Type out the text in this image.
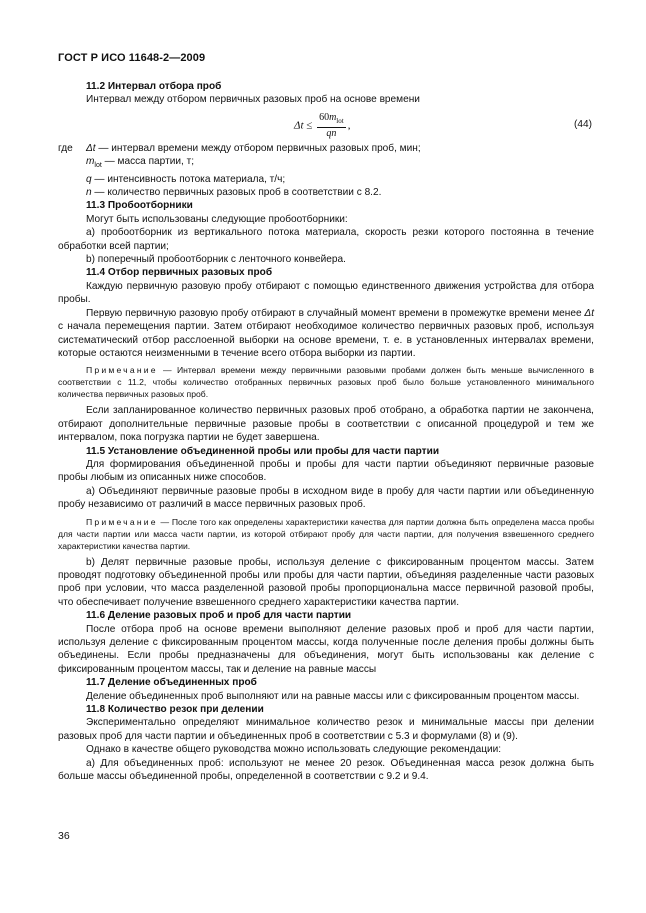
ГОСТ Р ИСО 11648-2—2009

11.2 Интервал отбора проб

Интервал между отбором первичных разовых проб на основе времени

$\Delta t \le \frac{60m_{lot}}{qn}$ ,	(44)
где	Δt — интервал времени между отбором первичных разовых проб, мин;

$m_{lot}$ — масса партии, т;

q — интенсивность потока материала, т/ч;

n — количество первичных разовых проб в соответствии с 8.2.

11.3 Пробоотборники

Могут быть использованы следующие пробоотборники:

а) пробоотборник из вертикального потока материала, скорость резки которого постоянна в течение обработки всей партии;

b) поперечный пробоотборник с ленточного конвейера.

11.4 Отбор первичных разовых проб

Каждую первичную разовую пробу отбирают с помощью единственного движения устройства для отбора пробы.

Первую первичную разовую пробу отбирают в случайный момент времени в промежутке времени менее Δt с начала перемещения партии. Затем отбирают необходимое количество первичных разовых проб, используя систематический отбор расслоенной выборки на основе времени, т. е. в установленных интервалах времени, которые остаются неизменными в течение всего отбора выборки из партии.

Примечание — Интервал времени между первичными разовыми пробами должен быть меньше вычисленного в соответствии с 11.2, чтобы количество отобранных первичных разовых проб было больше установленного минимального количества первичных разовых проб.

Если запланированное количество первичных разовых проб отобрано, а обработка партии не закончена, отбирают дополнительные первичные разовые пробы в соответствии с описанной процедурой и тем же интервалом, пока погрузка партии не будет завершена.

11.5 Установление объединенной пробы или пробы для части партии

Для формирования объединенной пробы и пробы для части партии объединяют первичные разовые пробы любым из описанных ниже способов.

а) Объединяют первичные разовые пробы в исходном виде в пробу для части партии или объединенную пробу независимо от различий в массе первичных разовых проб.

Примечание — После того как определены характеристики качества для партии должна быть определена масса пробы для части партии или масса части партии, из которой отбирают пробу для части партии, для получения взвешенного среднего характеристики качества партии.

b) Делят первичные разовые пробы, используя деление с фиксированным процентом массы. Затем проводят подготовку объединенной пробы или пробы для части партии, объединяя разделенные части разовых проб при условии, что масса разделенной разовой пробы пропорциональна массе первичной разовой пробы, что обеспечивает получение взвешенного среднего характеристики качества партии.

11.6 Деление разовых проб и проб для части партии

После отбора проб на основе времени выполняют деление разовых проб и проб для части партии, используя деление с фиксированным процентом массы, когда полученные после деления пробы должны быть объединены. Если пробы предназначены для объединения, могут быть использованы как деление с фиксированным процентом массы, так и деление на равные массы

11.7 Деление объединенных проб

Деление объединенных проб выполняют или на равные массы или с фиксированным процентом массы.

11.8 Количество резок при делении

Экспериментально определяют минимальное количество резок и минимальные массы при делении разовых проб для части партии и объединенных проб в соответствии с 5.3 и формулами (8) и (9).

Однако в качестве общего руководства можно использовать следующие рекомендации:

а) Для объединенных проб: используют не менее 20 резок. Объединенная масса резок должна быть больше массы объединенной пробы, определенной в соответствии с 9.2 и 9.4.

36
